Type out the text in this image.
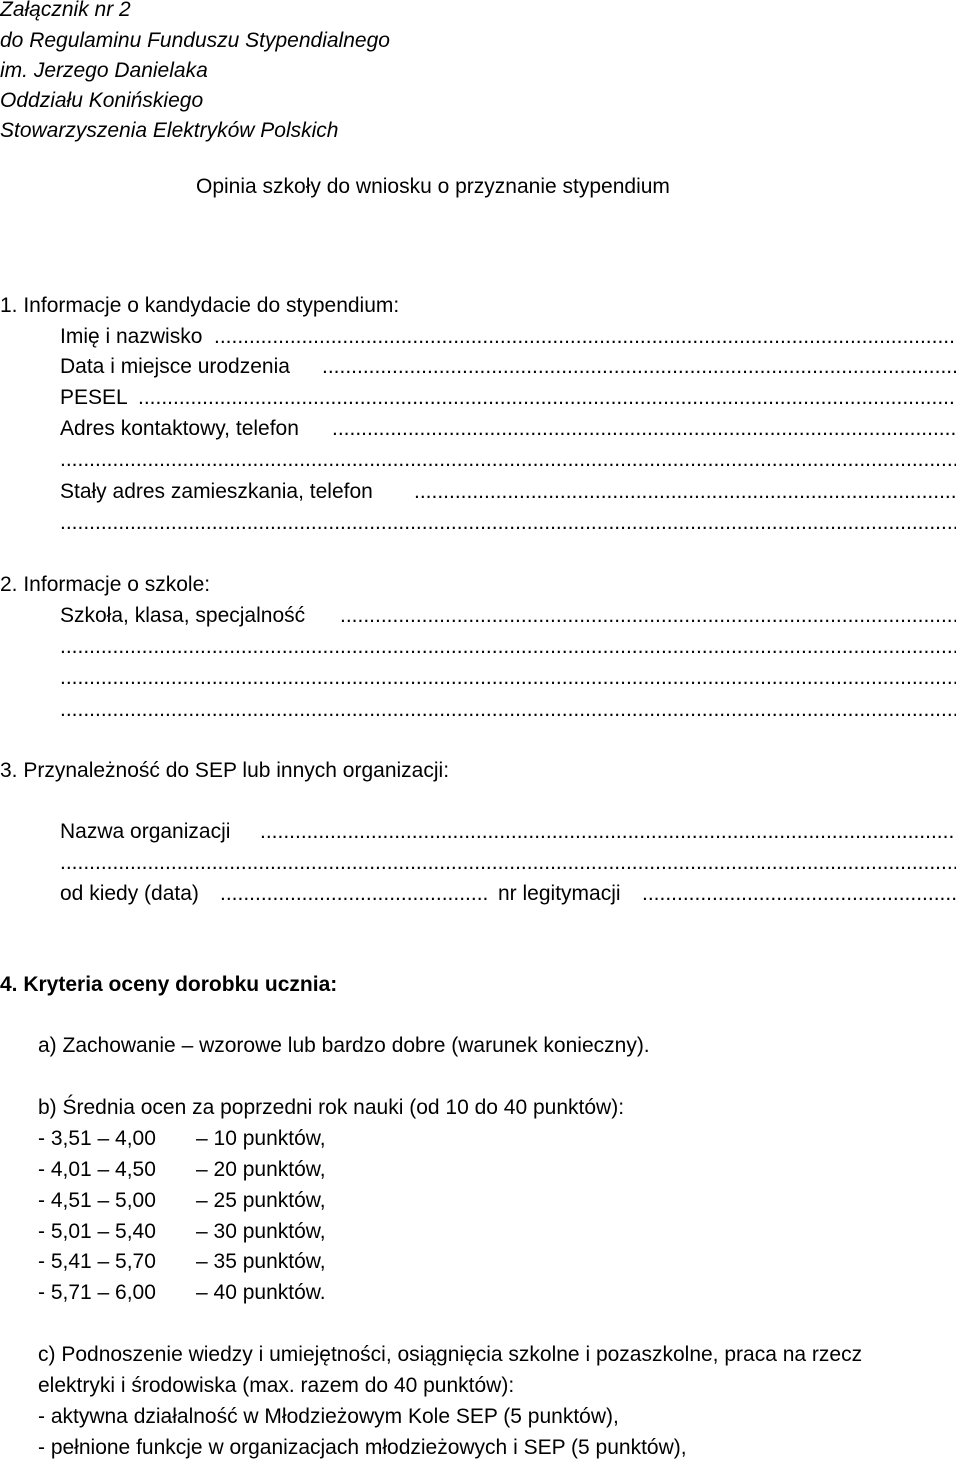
Załącznik nr 2
do Regulaminu Funduszu Stypendialnego
im. Jerzego Danielaka
Oddziału Konińskiego
Stowarzyszenia Elektryków Polskich
Opinia szkoły do wniosku o przyznanie stypendium
1. Informacje o kandydacie do stypendium:
Imię i nazwisko
.....
Data i miejsce urodzenia
.....
PESEL
.....
Adres kontaktowy, telefon
.....
.....
Stały adres zamieszkania, telefon
.....
.....
2. Informacje o szkole:
Szkoła, klasa, specjalność
.....
.....
.....
.....
3. Przynależność do SEP lub innych organizacji:
Nazwa organizacji
.....
.....
od kiedy (data)
.....	nr legitymacji
.....
4. Kryteria oceny dorobku ucznia:
a) Zachowanie – wzorowe lub bardzo dobre (warunek konieczny).
b) Średnia ocen za poprzedni rok nauki (od 10 do 40 punktów):
- 3,51 – 4,00 – 10 punktów,
- 4,01 – 4,50 – 20 punktów,
- 4,51 – 5,00 – 25 punktów,
- 5,01 – 5,40 – 30 punktów,
- 5,41 – 5,70 – 35 punktów,
- 5,71 – 6,00 – 40 punktów.
c) Podnoszenie wiedzy i umiejętności, osiągnięcia szkolne i pozaszkolne, praca na rzecz
elektryki i środowiska (max. razem do 40 punktów):
- aktywna działalność w Młodzieżowym Kole SEP (5 punktów),
- pełnione funkcje w organizacjach młodzieżowych i SEP (5 punktów),
